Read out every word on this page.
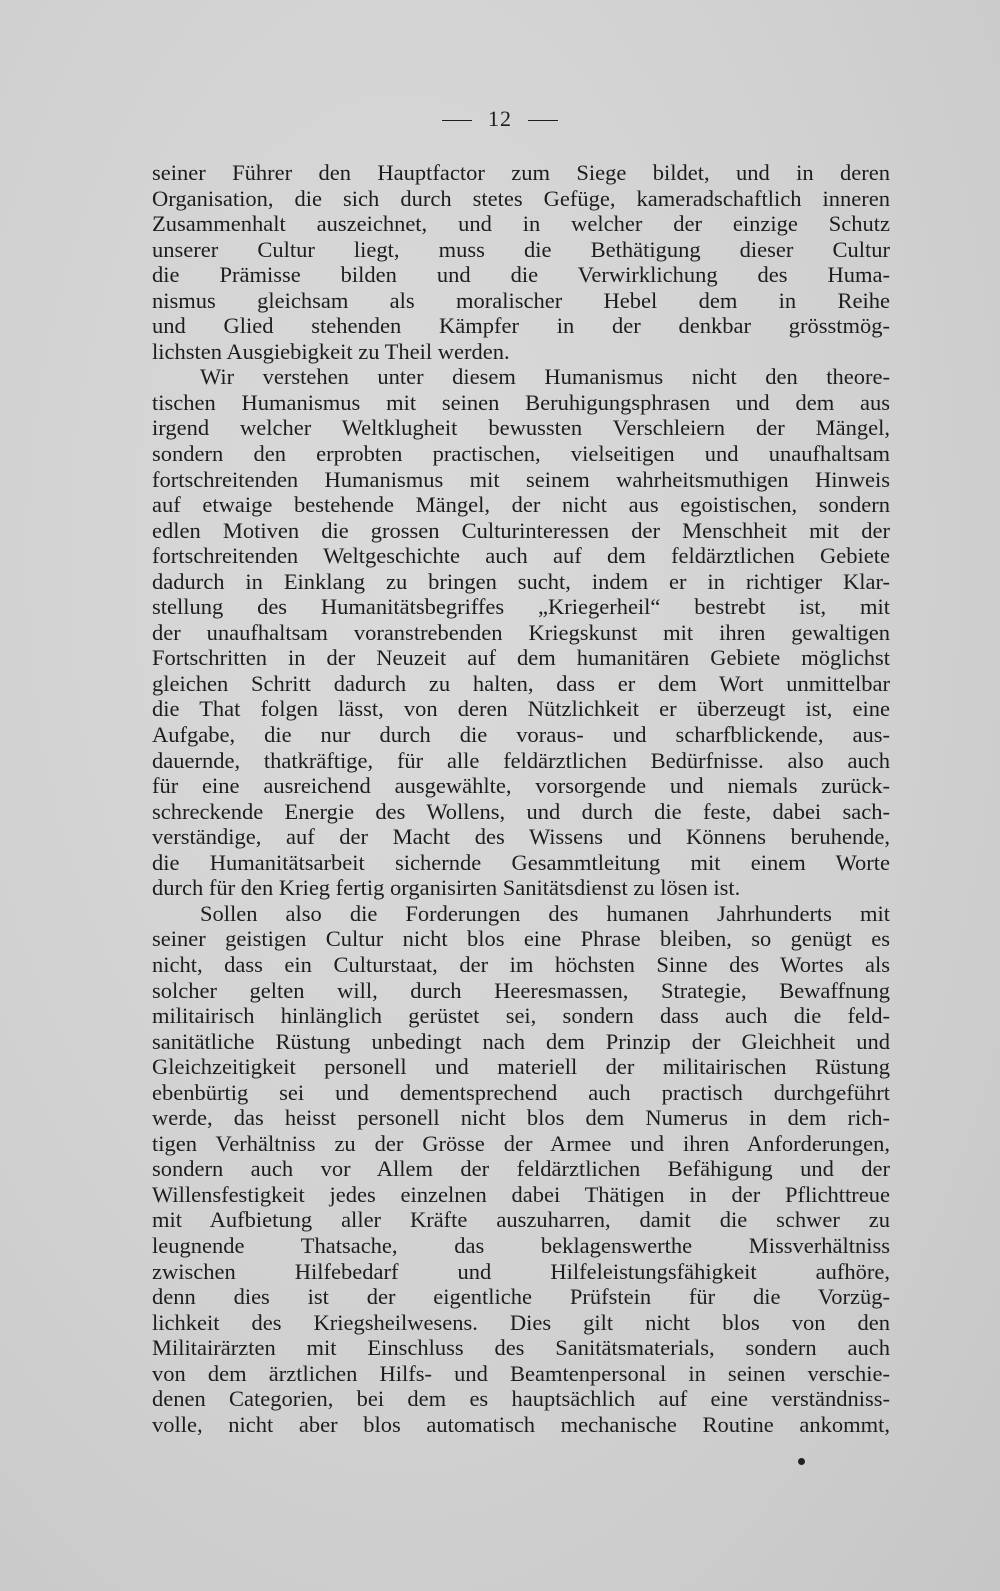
12
seiner Führer den Hauptfactor zum Siege bildet, und in deren
Organisation, die sich durch stetes Gefüge, kameradschaftlich inneren
Zusammenhalt auszeichnet, und in welcher der einzige Schutz
unserer Cultur liegt, muss die Bethätigung dieser Cultur
die Prämisse bilden und die Verwirklichung des Huma-
nismus gleichsam als moralischer Hebel dem in Reihe
und Glied stehenden Kämpfer in der denkbar grösstmög-
lichsten Ausgiebigkeit zu Theil werden.
Wir verstehen unter diesem Humanismus nicht den theore-
tischen Humanismus mit seinen Beruhigungsphrasen und dem aus
irgend welcher Weltklugheit bewussten Verschleiern der Mängel,
sondern den erprobten practischen, vielseitigen und unaufhaltsam
fortschreitenden Humanismus mit seinem wahrheitsmuthigen Hinweis
auf etwaige bestehende Mängel, der nicht aus egoistischen, sondern
edlen Motiven die grossen Culturinteressen der Menschheit mit der
fortschreitenden Weltgeschichte auch auf dem feldärztlichen Gebiete
dadurch in Einklang zu bringen sucht, indem er in richtiger Klar-
stellung des Humanitätsbegriffes „Kriegerheil“ bestrebt ist, mit
der unaufhaltsam voranstrebenden Kriegskunst mit ihren gewaltigen
Fortschritten in der Neuzeit auf dem humanitären Gebiete möglichst
gleichen Schritt dadurch zu halten, dass er dem Wort unmittelbar
die That folgen lässt, von deren Nützlichkeit er überzeugt ist, eine
Aufgabe, die nur durch die voraus- und scharfblickende, aus-
dauernde, thatkräftige, für alle feldärztlichen Bedürfnisse. also auch
für eine ausreichend ausgewählte, vorsorgende und niemals zurück-
schreckende Energie des Wollens, und durch die feste, dabei sach-
verständige, auf der Macht des Wissens und Könnens beruhende,
die Humanitätsarbeit sichernde Gesammtleitung mit einem Worte
durch für den Krieg fertig organisirten Sanitätsdienst zu lösen ist.
Sollen also die Forderungen des humanen Jahrhunderts mit
seiner geistigen Cultur nicht blos eine Phrase bleiben, so genügt es
nicht, dass ein Culturstaat, der im höchsten Sinne des Wortes als
solcher gelten will, durch Heeresmassen, Strategie, Bewaffnung
militairisch hinlänglich gerüstet sei, sondern dass auch die feld-
sanitätliche Rüstung unbedingt nach dem Prinzip der Gleichheit und
Gleichzeitigkeit personell und materiell der militairischen Rüstung
ebenbürtig sei und dementsprechend auch practisch durchgeführt
werde, das heisst personell nicht blos dem Numerus in dem rich-
tigen Verhältniss zu der Grösse der Armee und ihren Anforderungen,
sondern auch vor Allem der feldärztlichen Befähigung und der
Willensfestigkeit jedes einzelnen dabei Thätigen in der Pflichttreue
mit Aufbietung aller Kräfte auszuharren, damit die schwer zu
leugnende Thatsache, das beklagenswerthe Missverhältniss
zwischen Hilfebedarf und Hilfeleistungsfähigkeit aufhöre,
denn dies ist der eigentliche Prüfstein für die Vorzüg-
lichkeit des Kriegsheilwesens. Dies gilt nicht blos von den
Militairärzten mit Einschluss des Sanitätsmaterials, sondern auch
von dem ärztlichen Hilfs- und Beamtenpersonal in seinen verschie-
denen Categorien, bei dem es hauptsächlich auf eine verständniss-
volle, nicht aber blos automatisch mechanische Routine ankommt,
